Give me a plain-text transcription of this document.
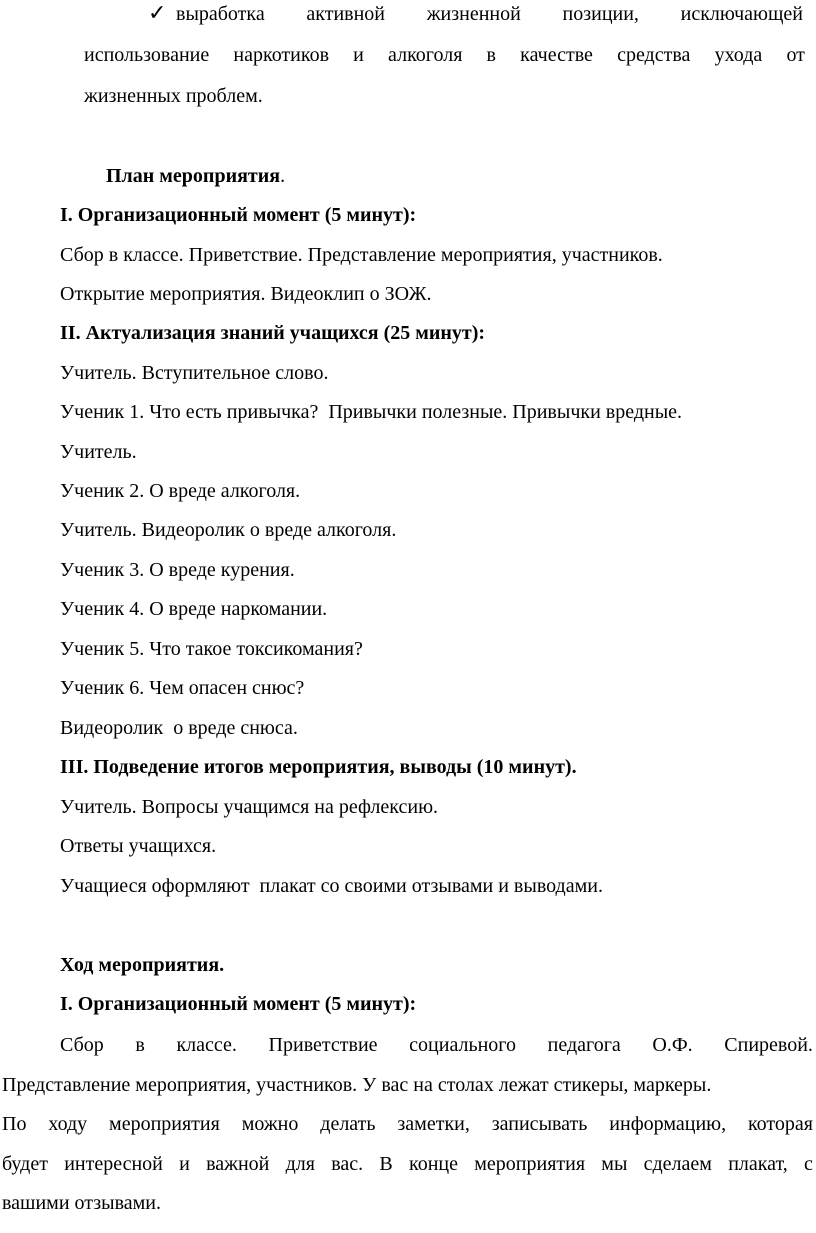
✓ выработка активной жизненной позиции, исключающей
использование наркотиков и алкоголя в качестве средства ухода от
жизненных проблем.
План мероприятия.
I. Организационный момент (5 минут):
Сбор в классе. Приветствие. Представление мероприятия, участников.
Открытие мероприятия. Видеоклип о ЗОЖ.
II. Актуализация знаний учащихся (25 минут):
Учитель. Вступительное слово.
Ученик 1. Что есть привычка?  Привычки полезные. Привычки вредные.
Учитель.
Ученик 2. О вреде алкоголя.
Учитель. Видеоролик о вреде алкоголя.
Ученик 3. О вреде курения.
Ученик 4. О вреде наркомании.
Ученик 5. Что такое токсикомания?
Ученик 6. Чем опасен снюс?
Видеоролик  о вреде снюса.
III. Подведение итогов мероприятия, выводы (10 минут).
Учитель. Вопросы учащимся на рефлексию.
Ответы учащихся.
Учащиеся оформляют  плакат со своими отзывами и выводами.
Ход мероприятия.
I. Организационный момент (5 минут):
Сбор в классе. Приветствие социального педагога О.Ф. Спиревой.
Представление мероприятия, участников. У вас на столах лежат стикеры, маркеры.
По ходу мероприятия можно делать заметки, записывать информацию, которая
будет интересной и важной для вас. В конце мероприятия мы сделаем плакат, с
вашими отзывами.
